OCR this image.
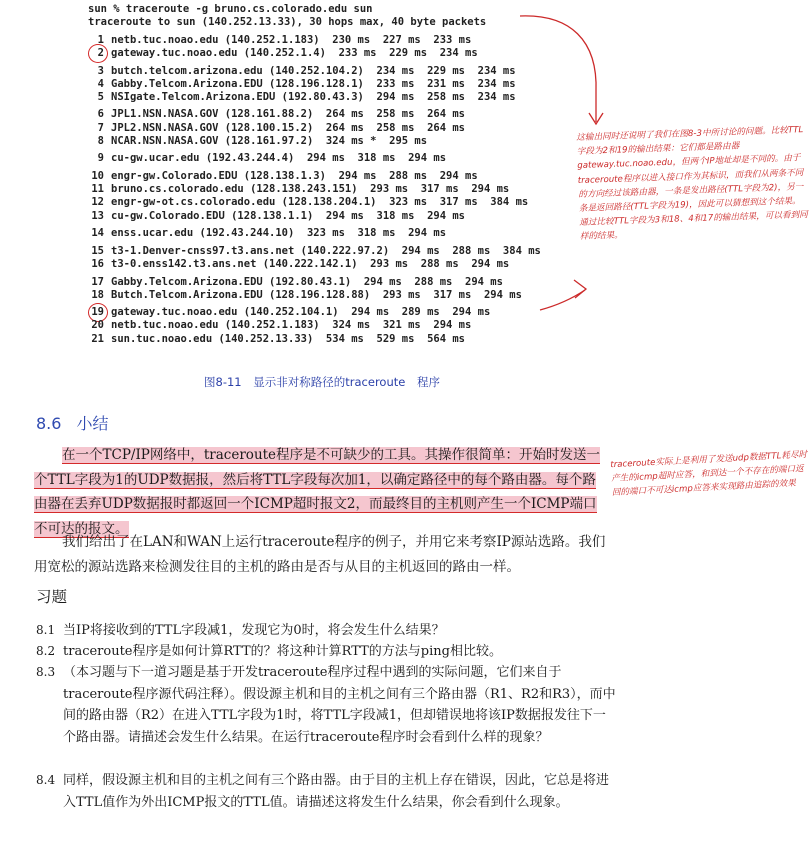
sun % traceroute -g bruno.cs.colorado.edu sun
traceroute to sun (140.252.13.33), 30 hops max, 40 byte packets
1 netb.tuc.noao.edu (140.252.1.183)  230 ms  227 ms  233 ms
2 gateway.tuc.noao.edu (140.252.1.4)  233 ms  229 ms  234 ms
3 butch.telcom.arizona.edu (140.252.104.2)  234 ms  229 ms  234 ms
4 Gabby.Telcom.Arizona.EDU (128.196.128.1)  233 ms  231 ms  234 ms
5 NSIgate.Telcom.Arizona.EDU (192.80.43.3)  294 ms  258 ms  234 ms
6 JPL1.NSN.NASA.GOV (128.161.88.2)  264 ms  258 ms  264 ms
7 JPL2.NSN.NASA.GOV (128.100.15.2)  264 ms  258 ms  264 ms
8 NCAR.NSN.NASA.GOV (128.161.97.2)  324 ms *  295 ms
9 cu-gw.ucar.edu (192.43.244.4)  294 ms  318 ms  294 ms
10 engr-gw.Colorado.EDU (128.138.1.3)  294 ms  288 ms  294 ms
11 bruno.cs.colorado.edu (128.138.243.151)  293 ms  317 ms  294 ms
12 engr-gw-ot.cs.colorado.edu (128.138.204.1)  323 ms  317 ms  384 ms
13 cu-gw.Colorado.EDU (128.138.1.1)  294 ms  318 ms  294 ms
14 enss.ucar.edu (192.43.244.10)  323 ms  318 ms  294 ms
15 t3-1.Denver-cnss97.t3.ans.net (140.222.97.2)  294 ms  288 ms  384 ms
16 t3-0.enss142.t3.ans.net (140.222.142.1)  293 ms  288 ms  294 ms
17 Gabby.Telcom.Arizona.EDU (192.80.43.1)  294 ms  288 ms  294 ms
18 Butch.Telcom.Arizona.EDU (128.196.128.88)  293 ms  317 ms  294 ms
19 gateway.tuc.noao.edu (140.252.104.1)  294 ms  289 ms  294 ms
20 netb.tuc.noao.edu (140.252.1.183)  324 ms  321 ms  294 ms
21 sun.tuc.noao.edu (140.252.13.33)  534 ms  529 ms  564 ms
图8-11 显示非对称路径的traceroute 程序
8.6 小结
在一个TCP/IP网络中，traceroute程序是不可缺少的工具。其操作很简单：开始时发送一个TTL字段为1的UDP数据报，然后将TTL字段每次加1，以确定路径中的每个路由器。每个路由器在丢弃UDP数据报时都返回一个ICMP超时报文2，而最终目的主机则产生一个ICMP端口不可达的报文。
我们给出了在LAN和WAN上运行traceroute程序的例子，并用它来考察IP源站选路。我们用宽松的源站选路来检测发往目的主机的路由是否与从目的主机返回的路由一样。
习题
8.1 当IP将接收到的TTL字段减1，发现它为0时，将会发生什么结果？
8.2 traceroute程序是如何计算RTT的？将这种计算RTT的方法与ping相比较。
8.3 （本习题与下一道习题是基于开发traceroute程序过程中遇到的实际问题，它们来自于traceroute程序源代码注释）。假设源主机和目的主机之间有三个路由器（R1、R2和R3），而中间的路由器（R2）在进入TTL字段为1时，将TTL字段减1，但却错误地将该IP数据报发往下一个路由器。请描述会发生什么结果。在运行traceroute程序时会看到什么样的现象？
8.4 同样，假设源主机和目的主机之间有三个路由器。由于目的主机上存在错误，因此，它总是将进入TTL值作为外出ICMP报文的TTL值。请描述这将发生什么结果，你会看到什么现象。
这输出同时还说明了我们在图8-3中所讨论的问题。比较TTL字段为2和19的输出结果：它们都是路由器gateway.tuc.noao.edu，但两个IP地址却是不同的。由于traceroute程序以进入接口作为其标识，而我们从两条不同的方向经过该路由器，一条是发出路径(TTL字段为2)，另一条是返回路径(TTL字段为19)，因此可以猜想到这个结果。通过比较TTL字段为3和18、4和17的输出结果，可以看到同样的结果。
traceroute实际上是利用了发送udp数据TTL耗尽时产生的icmp超时应答，和到达一个不存在的端口返回的端口不可达icmp应答来实现路由追踪的效果
